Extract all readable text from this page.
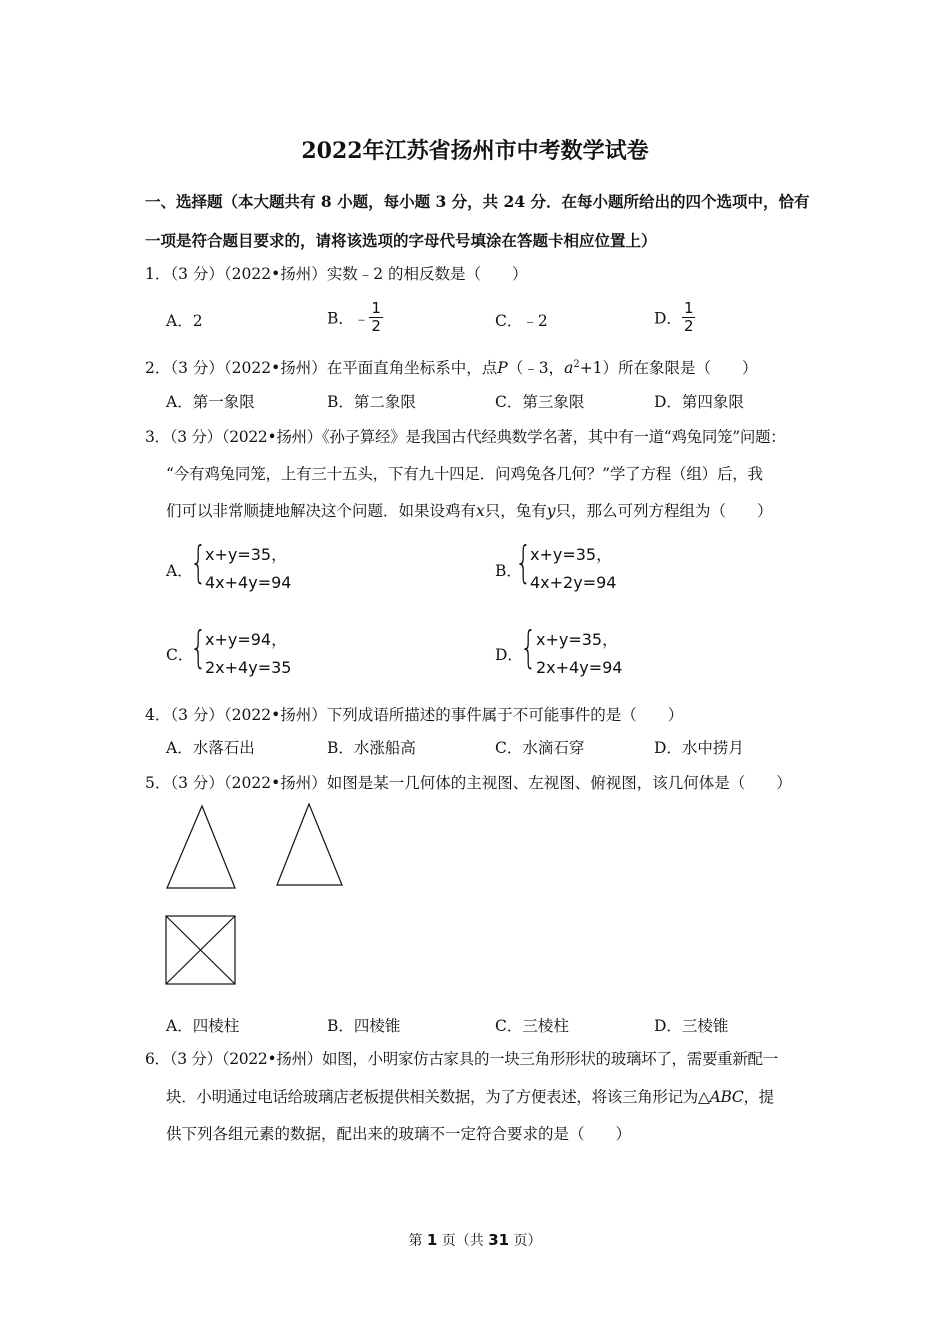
2022年江苏省扬州市中考数学试卷
一、选择题（本大题共有 8 小题，每小题 3 分，共 24 分．在每小题所给出的四个选项中，恰有
一项是符合题目要求的，请将该选项的字母代号填涂在答题卡相应位置上）
1．（3 分）（2022•扬州）实数﹣2 的相反数是（　　）
A．2	B．﹣ $\frac{1}{2}$	C．﹣2	D． $\frac{1}{2}$
2．（3 分）（2022•扬州）在平面直角坐标系中，点P（﹣3，$a^2+1$）所在象限是（　　）
A．第一象限	B．第二象限	C．第三象限	D．第四象限
3．（3 分）（2022•扬州）《孙子算经》是我国古代经典数学名著，其中有一道“鸡兔同笼”问题：
“今有鸡兔同笼，上有三十五头，下有九十四足．问鸡兔各几何？”学了方程（组）后，我
们可以非常顺捷地解决这个问题．如果设鸡有x只，兔有y只，那么可列方程组为（　　）
A．
{
x+y=35，
4x+4y=94
B．
{
x+y=35，
4x+2y=94
C．
{
x+y=94，
2x+4y=35
D．
{ x+y=35，
2x+4y=94
4．（3 分）（2022•扬州）下列成语所描述的事件属于不可能事件的是（　　）
A．水落石出	B．水涨船高	C．水滴石穿	D．水中捞月
5．（3 分）（2022•扬州）如图是某一几何体的主视图、左视图、俯视图，该几何体是（　　）
A．四棱柱	B．四棱锥	C．三棱柱	D．三棱锥
6．（3 分）（2022•扬州）如图，小明家仿古家具的一块三角形形状的玻璃坏了，需要重新配一
块．小明通过电话给玻璃店老板提供相关数据，为了方便表述，将该三角形记为△ABC，提
供下列各组元素的数据，配出来的玻璃不一定符合要求的是（　　）
第 1 页（共 31 页）
